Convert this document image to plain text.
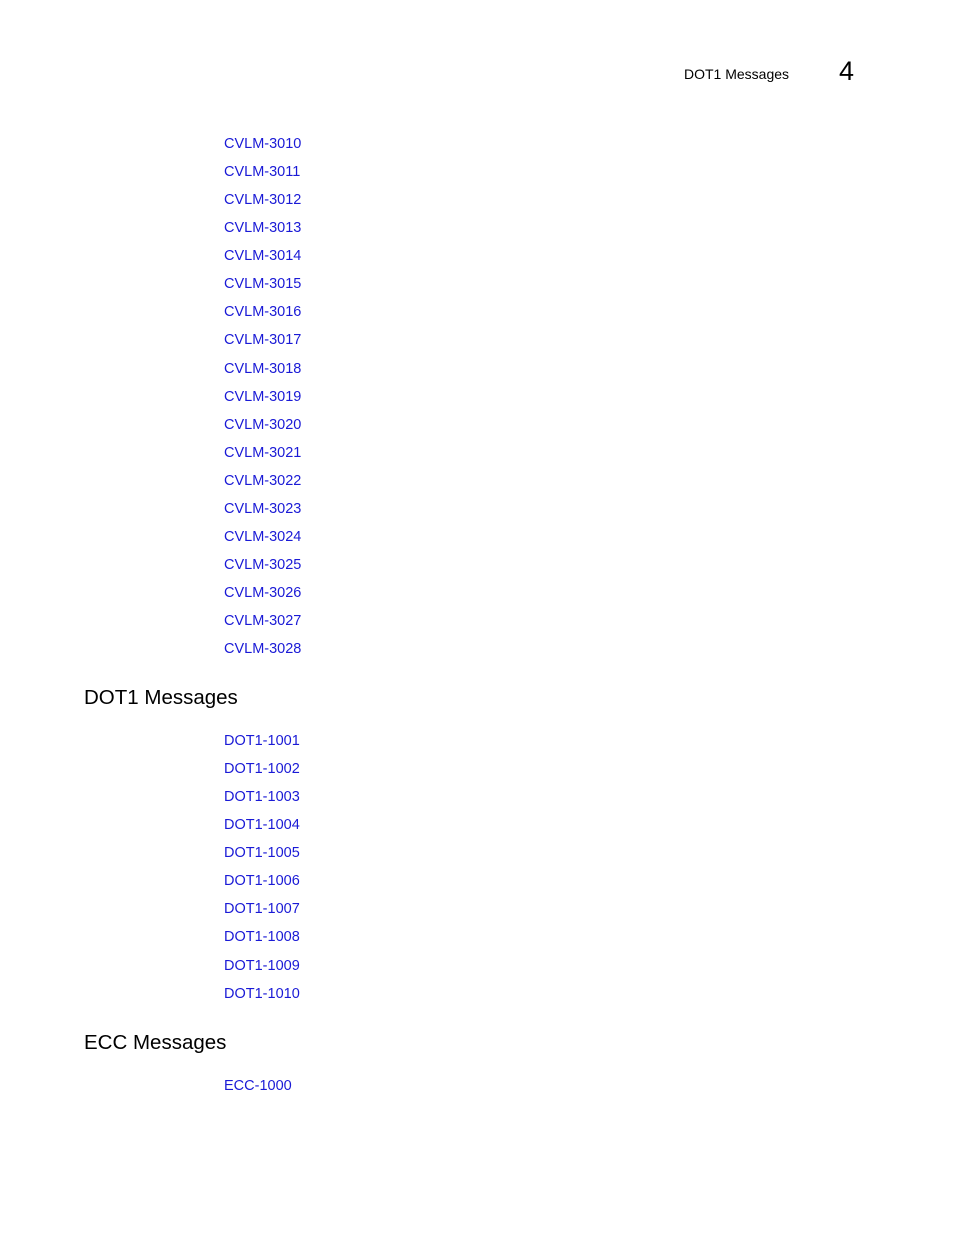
DOT1 Messages 4
CVLM-3010
CVLM-3011
CVLM-3012
CVLM-3013
CVLM-3014
CVLM-3015
CVLM-3016
CVLM-3017
CVLM-3018
CVLM-3019
CVLM-3020
CVLM-3021
CVLM-3022
CVLM-3023
CVLM-3024
CVLM-3025
CVLM-3026
CVLM-3027
CVLM-3028
DOT1 Messages
DOT1-1001
DOT1-1002
DOT1-1003
DOT1-1004
DOT1-1005
DOT1-1006
DOT1-1007
DOT1-1008
DOT1-1009
DOT1-1010
ECC Messages
ECC-1000
